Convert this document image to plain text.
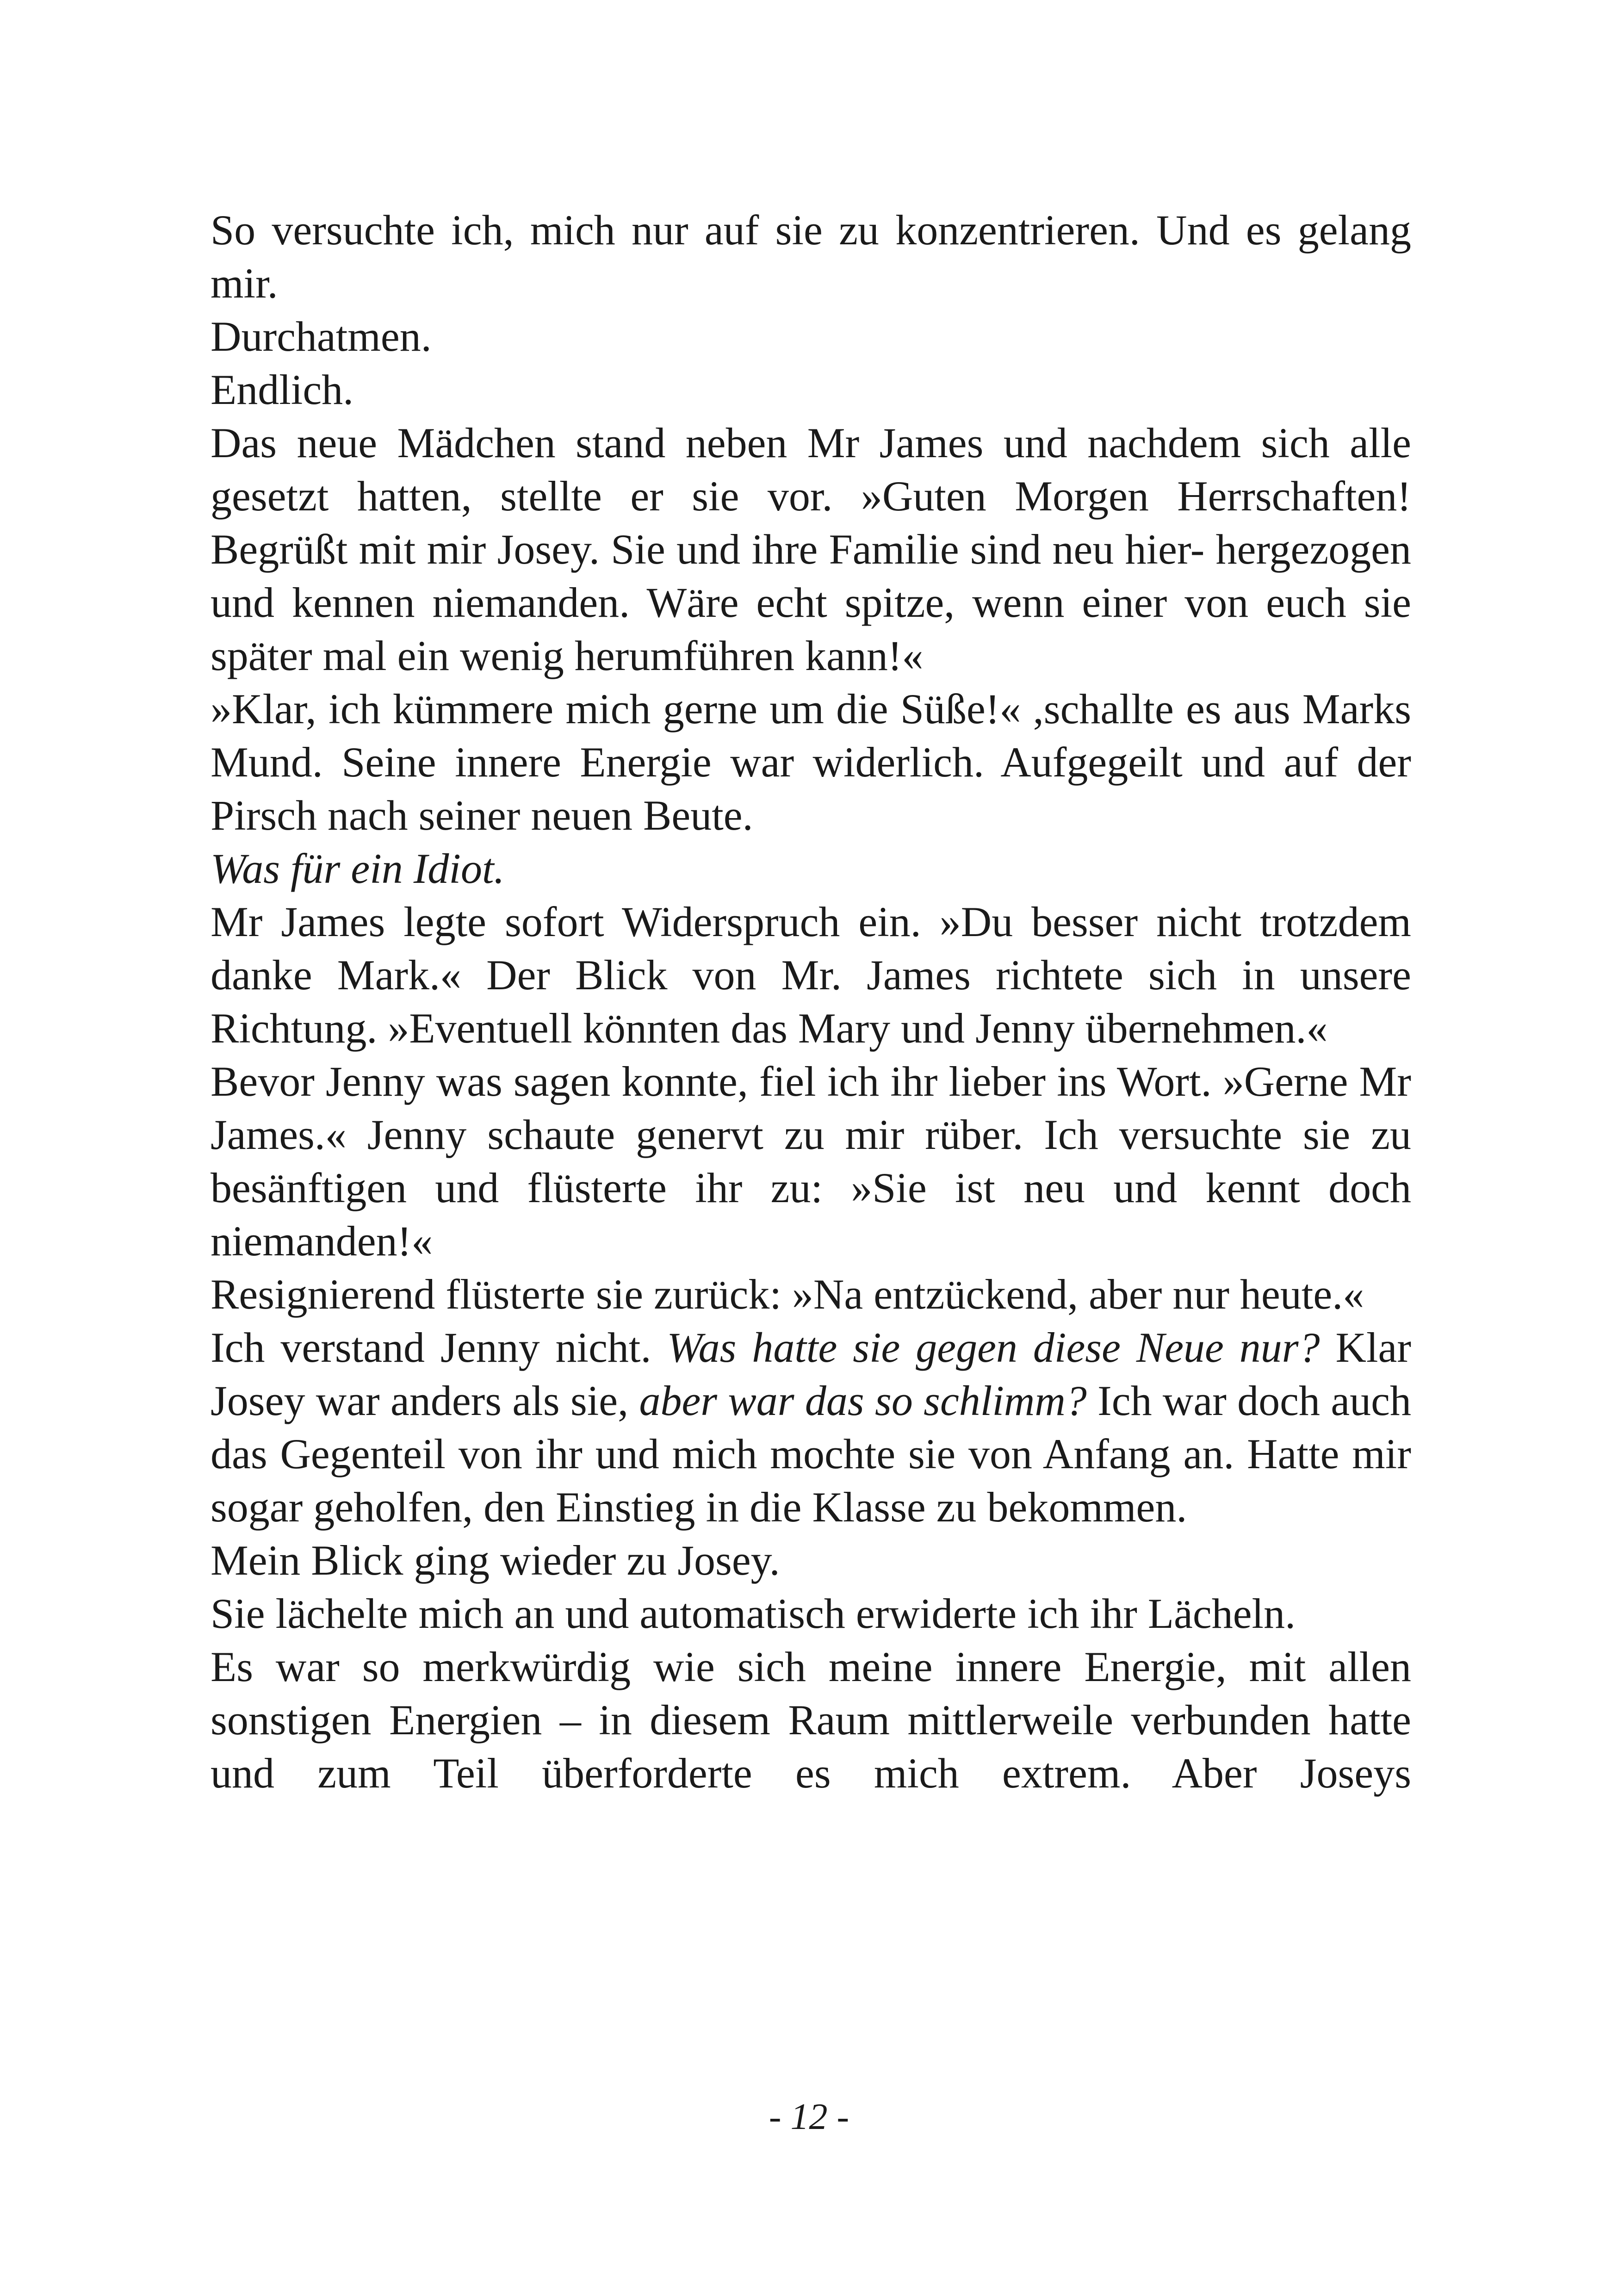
So versuchte ich, mich nur auf sie zu konzentrieren. Und es gelang mir.

Durchatmen.

Endlich.

Das neue Mädchen stand neben Mr James und nachdem sich alle gesetzt hatten, stellte er sie vor. »Guten Morgen Herrschaften! Begrüßt mit mir Josey. Sie und ihre Familie sind neu hier- hergezogen und kennen niemanden. Wäre echt spitze, wenn einer von euch sie später mal ein wenig herumführen kann!«

»Klar, ich kümmere mich gerne um die Süße!« ,schallte es aus Marks Mund. Seine innere Energie war widerlich. Aufgegeilt und auf der Pirsch nach seiner neuen Beute.

Was für ein Idiot.

Mr James legte sofort Widerspruch ein. »Du besser nicht trotzdem danke Mark.« Der Blick von Mr. James richtete sich in unsere Richtung. »Eventuell könnten das Mary und Jenny übernehmen.«

Bevor Jenny was sagen konnte, fiel ich ihr lieber ins Wort. »Gerne Mr James.« Jenny schaute genervt zu mir rüber. Ich versuchte sie zu besänftigen und flüsterte ihr zu: »Sie ist neu und kennt doch niemanden!«

Resignierend flüsterte sie zurück: »Na entzückend, aber nur heute.«

Ich verstand Jenny nicht. Was hatte sie gegen diese Neue nur? Klar Josey war anders als sie, aber war das so schlimm? Ich war doch auch das Gegenteil von ihr und mich mochte sie von Anfang an. Hatte mir sogar geholfen, den Einstieg in die Klasse zu bekommen.

Mein Blick ging wieder zu Josey.

Sie lächelte mich an und automatisch erwiderte ich ihr Lächeln.

Es war so merkwürdig wie sich meine innere Energie, mit allen sonstigen Energien – in diesem Raum mittlerweile verbunden hatte und zum Teil überforderte es mich extrem. Aber Joseys

- 12 -
